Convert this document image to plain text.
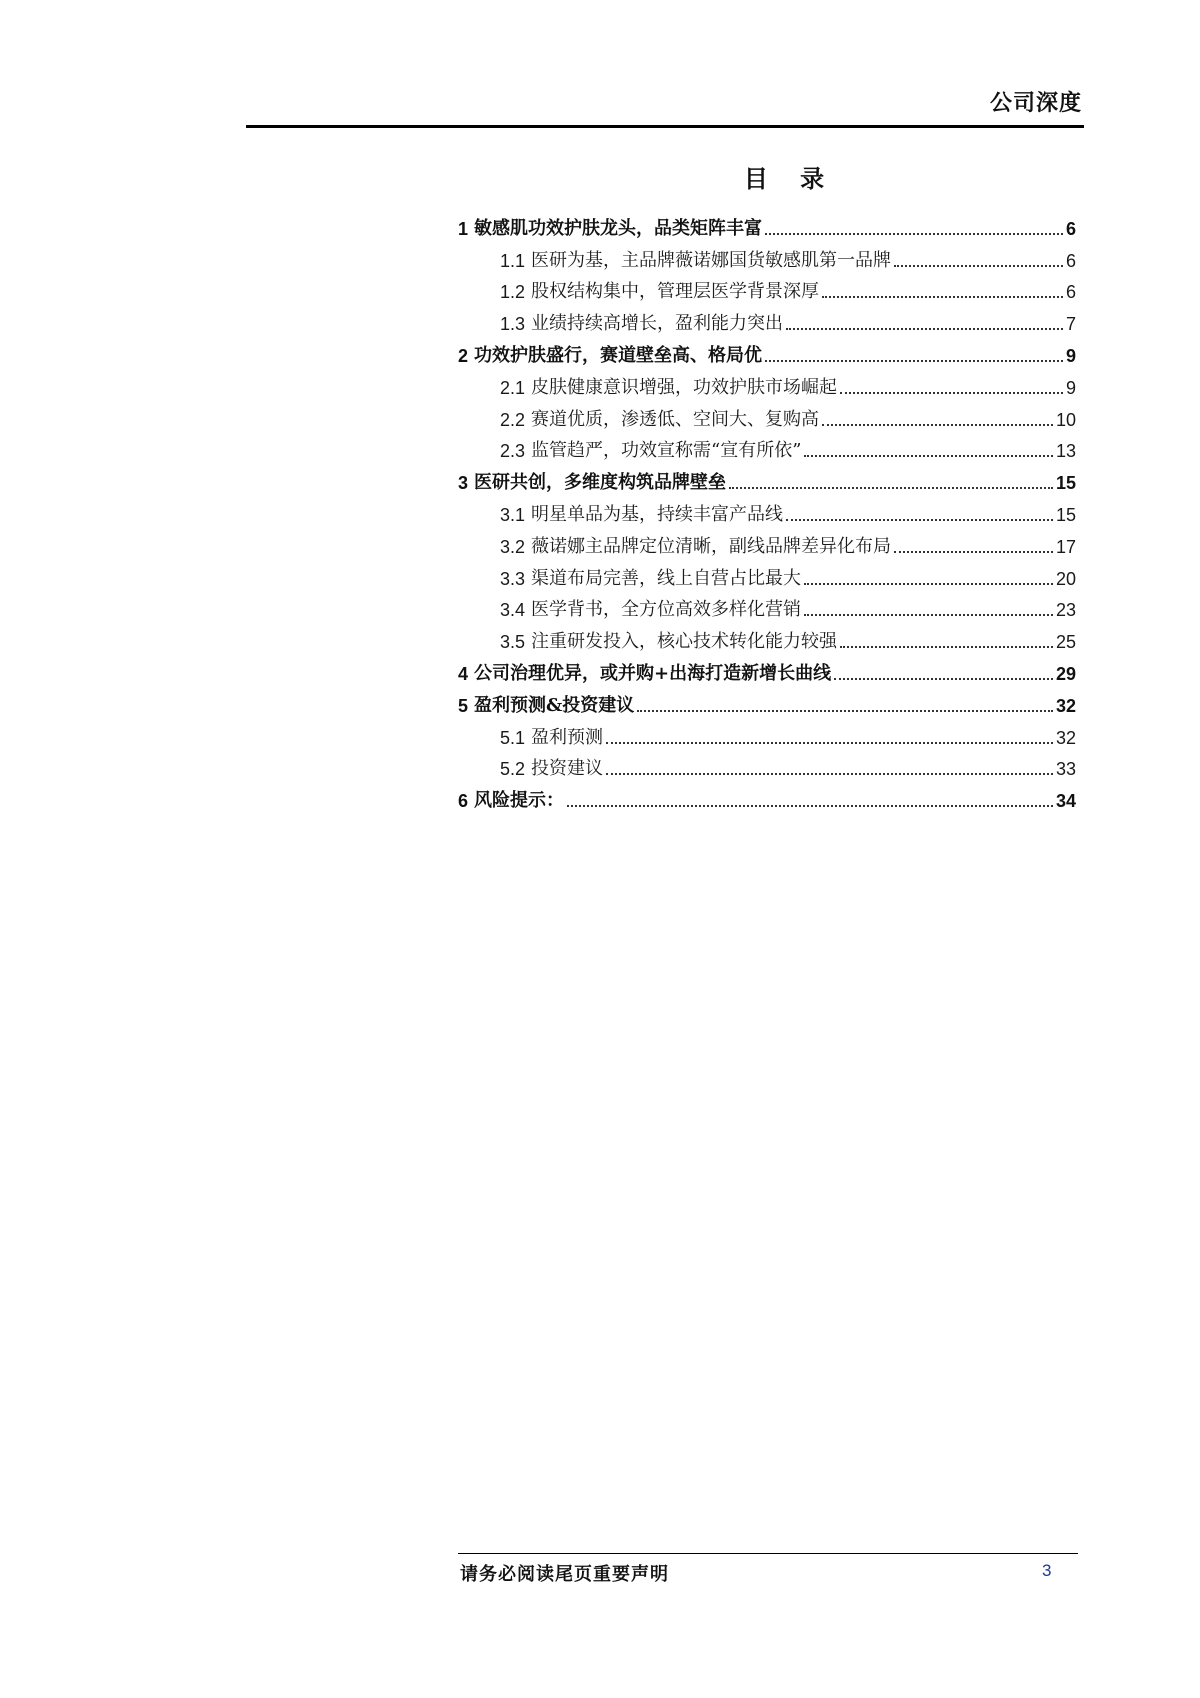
公司深度
目 录
1 敏感肌功效护肤龙头，品类矩阵丰富	6
1.1 医研为基，主品牌薇诺娜国货敏感肌第一品牌	6
1.2 股权结构集中，管理层医学背景深厚	6
1.3 业绩持续高增长，盈利能力突出	7
2 功效护肤盛行，赛道壁垒高、格局优	9
2.1 皮肤健康意识增强，功效护肤市场崛起	9
2.2 赛道优质，渗透低、空间大、复购高	10
2.3 监管趋严，功效宣称需“宣有所依”	13
3 医研共创，多维度构筑品牌壁垒	15
3.1 明星单品为基，持续丰富产品线	15
3.2 薇诺娜主品牌定位清晰，副线品牌差异化布局	17
3.3 渠道布局完善，线上自营占比最大	20
3.4 医学背书，全方位高效多样化营销	23
3.5 注重研发投入，核心技术转化能力较强	25
4 公司治理优异，或并购+出海打造新增长曲线	29
5 盈利预测&投资建议	32
5.1 盈利预测	32
5.2 投资建议	33
6 风险提示：	34
请务必阅读尾页重要声明	3
